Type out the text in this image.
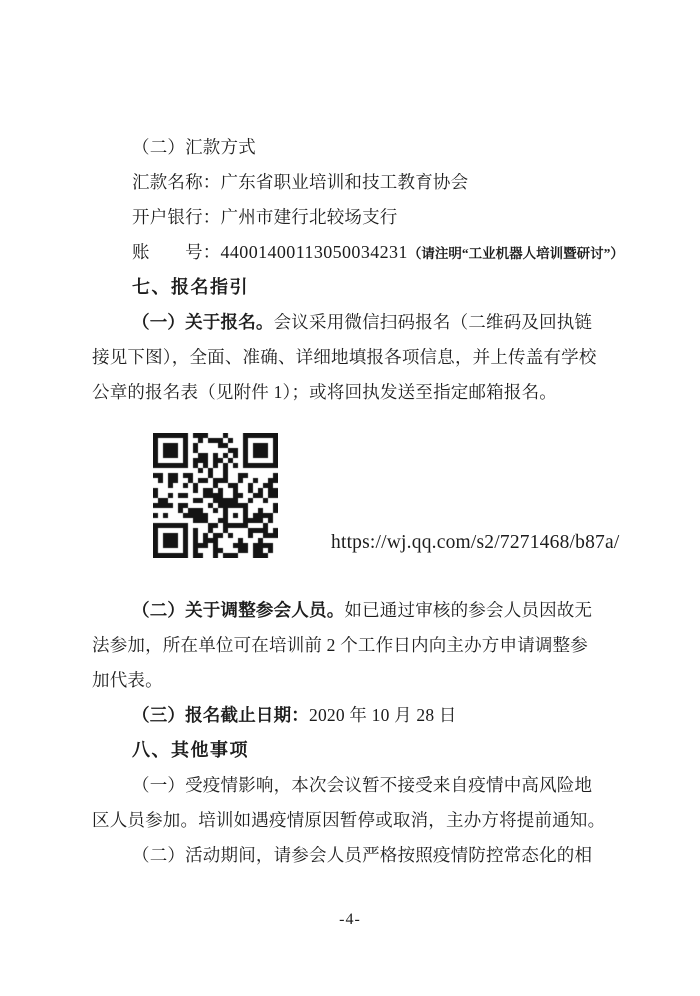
（二）汇款方式
汇款名称：广东省职业培训和技工教育协会
开户银行：广州市建行北较场支行
账　　号：44001400113050034231（请注明“工业机器人培训暨研讨”）
七、报名指引
（一）关于报名。会议采用微信扫码报名（二维码及回执链
接见下图），全面、准确、详细地填报各项信息，并上传盖有学校
公章的报名表（见附件 1）；或将回执发送至指定邮箱报名。
https://wj.qq.com/s2/7271468/b87a/
（二）关于调整参会人员。如已通过审核的参会人员因故无
法参加，所在单位可在培训前 2 个工作日内向主办方申请调整参
加代表。
（三）报名截止日期：2020 年 10 月 28 日
八、其他事项
（一）受疫情影响，本次会议暂不接受来自疫情中高风险地
区人员参加。培训如遇疫情原因暂停或取消，主办方将提前通知。
（二）活动期间，请参会人员严格按照疫情防控常态化的相
-4-
